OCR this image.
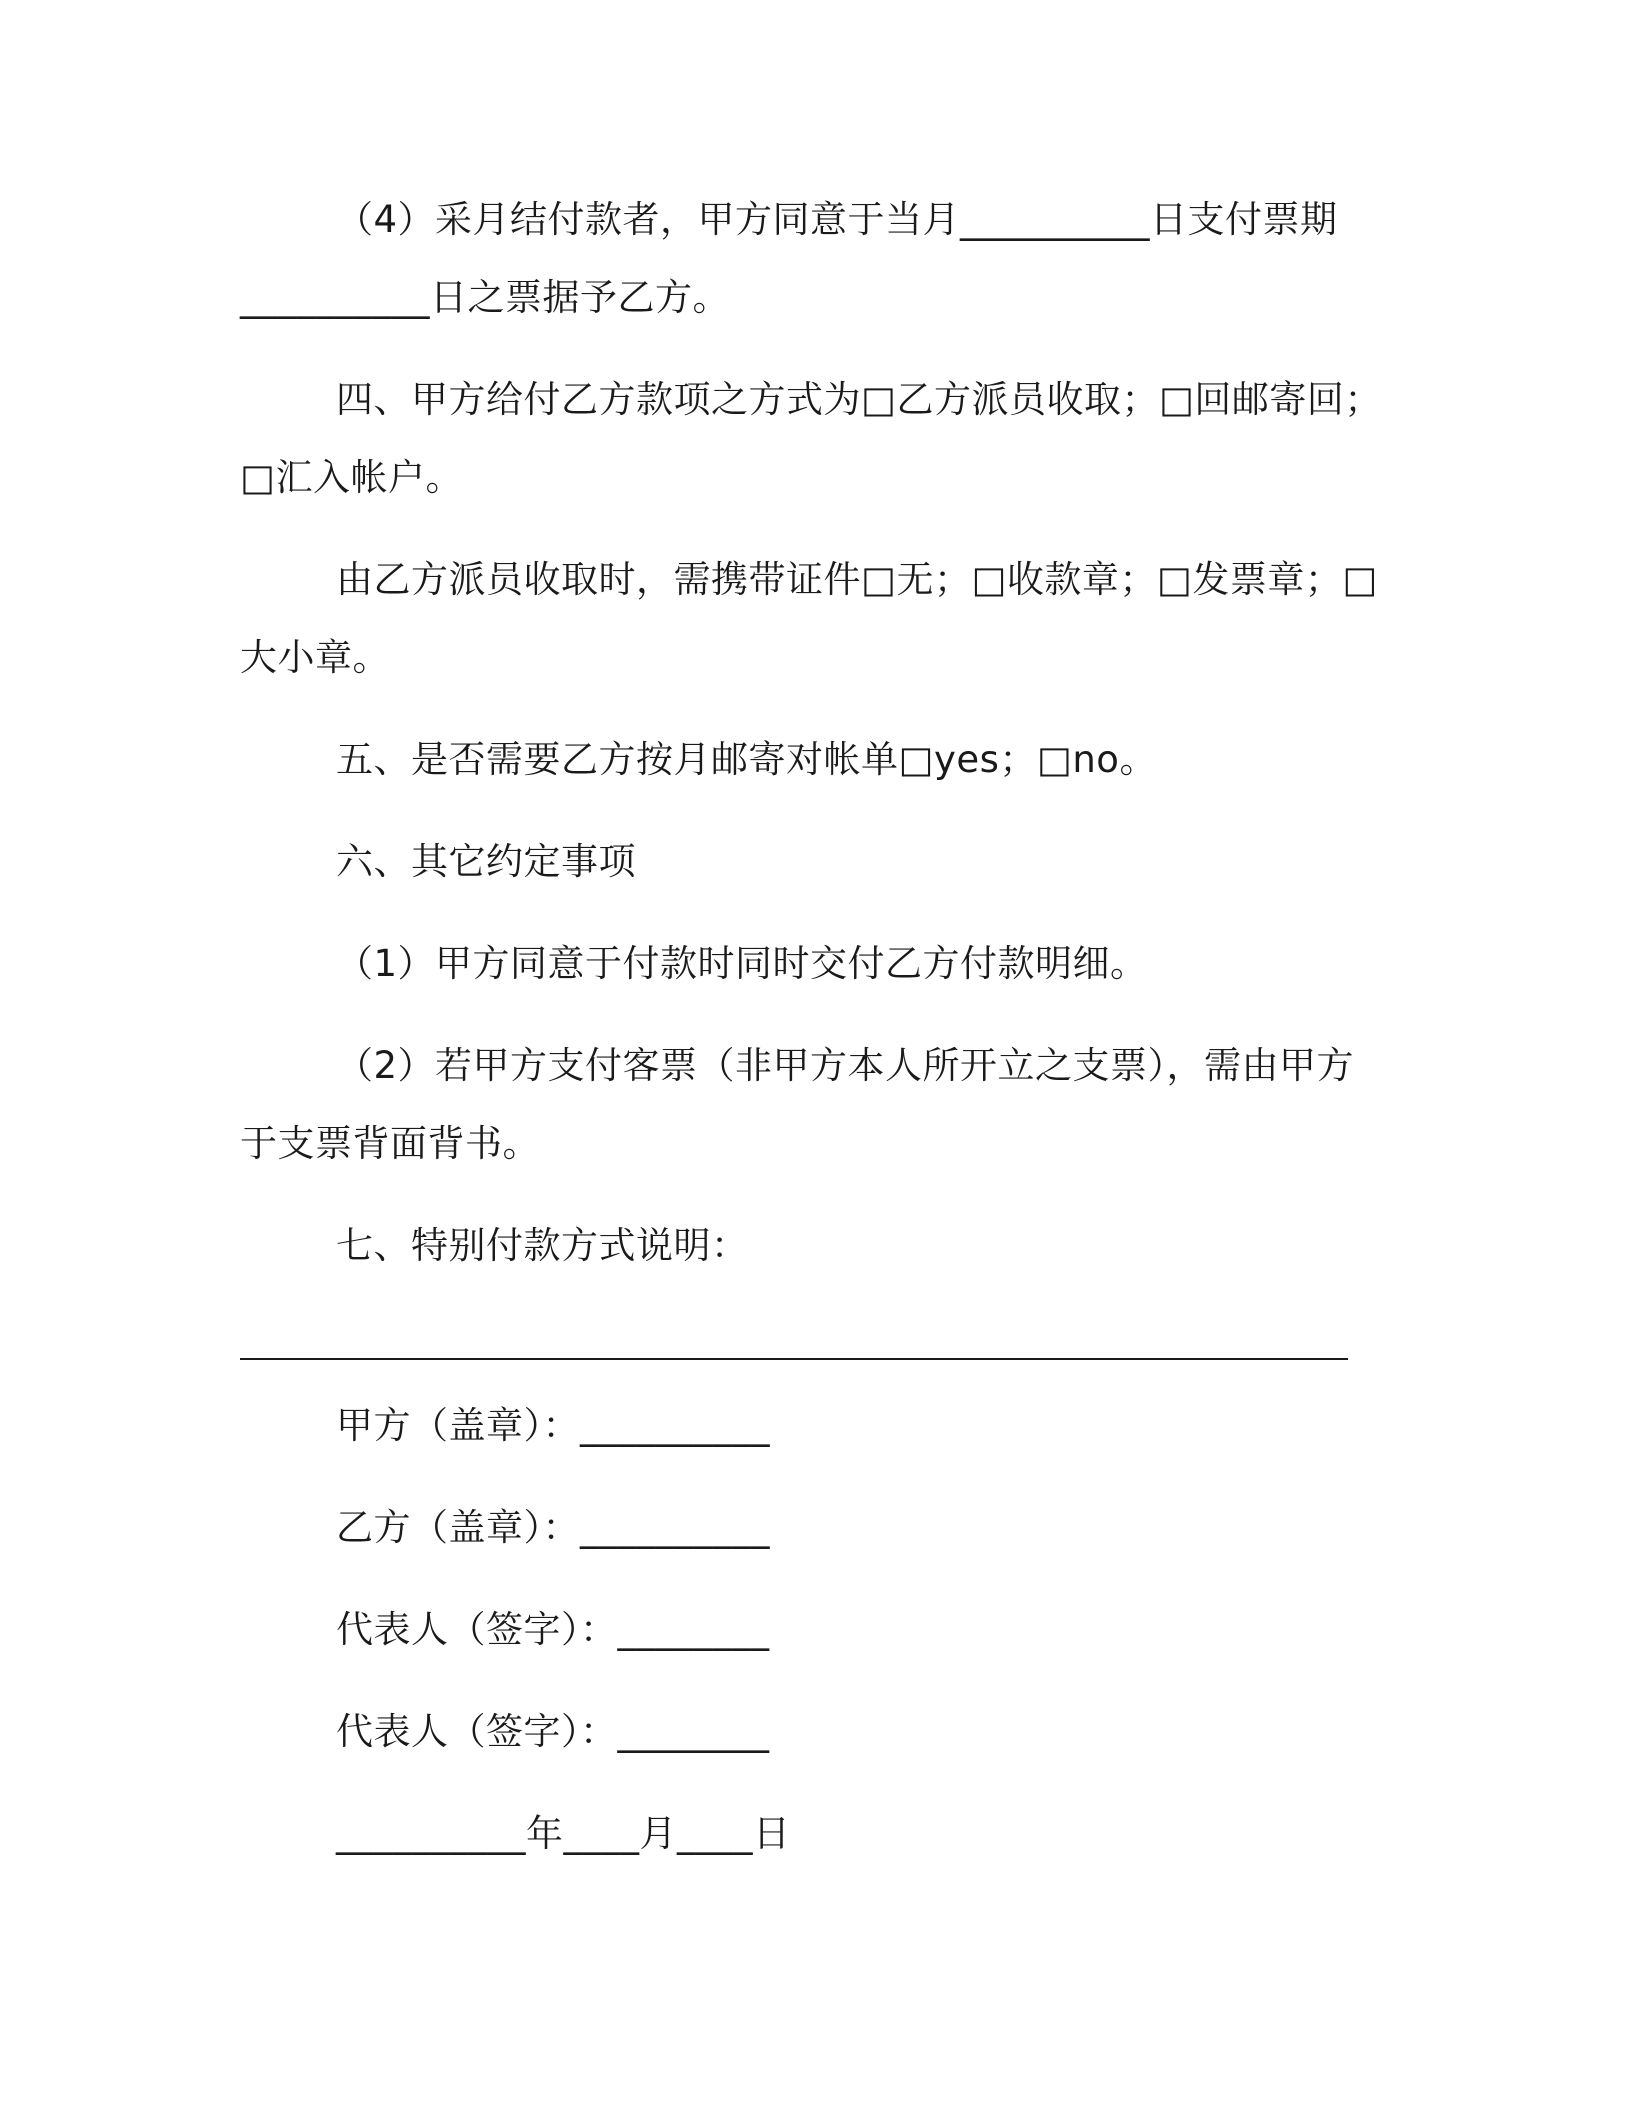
（4）采月结付款者，甲方同意于当月__________日支付票期
__________日之票据予乙方。
四、甲方给付乙方款项之方式为□乙方派员收取；□回邮寄回；
□汇入帐户。
由乙方派员收取时，需携带证件□无；□收款章；□发票章；□
大小章。
五、是否需要乙方按月邮寄对帐单□yes；□no。
六、其它约定事项
（1）甲方同意于付款时同时交付乙方付款明细。
（2）若甲方支付客票（非甲方本人所开立之支票），需由甲方
于支票背面背书。
七、特别付款方式说明：
甲方（盖章）：__________
乙方（盖章）：__________
代表人（签字）：________
代表人（签字）：________
__________年____月____日
